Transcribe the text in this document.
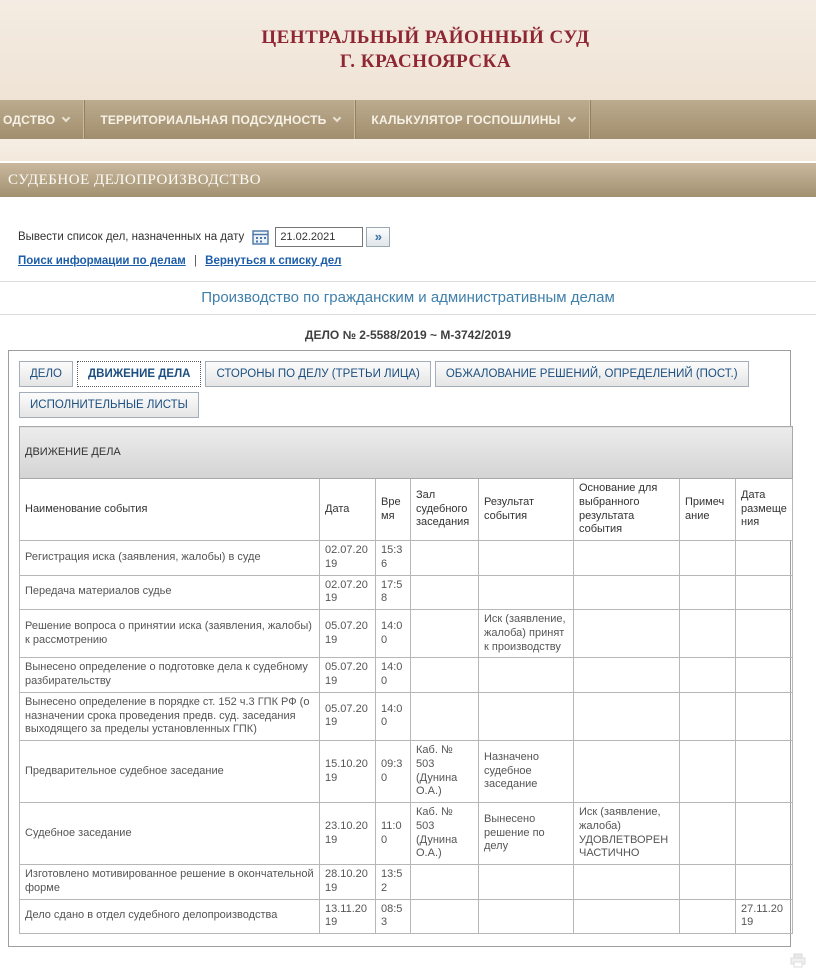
ЦЕНТРАЛЬНЫЙ РАЙОННЫЙ СУД
Г. КРАСНОЯРСКА
ОДСТВО	ТЕРРИТОРИАЛЬНАЯ ПОДСУДНОСТЬ	КАЛЬКУЛЯТОР ГОСПОШЛИНЫ
СУДЕБНОЕ ДЕЛОПРОИЗВОДСТВО
Вывести список дел, назначенных на дату
21.02.2021	»
Поиск информации по делам | Вернуться к списку дел
Производство по гражданским и административным делам
ДЕЛО № 2-5588/2019 ~ М-3742/2019
ДЕЛО	ДВИЖЕНИЕ ДЕЛА	СТОРОНЫ ПО ДЕЛУ (ТРЕТЬИ ЛИЦА)	ОБЖАЛОВАНИЕ РЕШЕНИЙ, ОПРЕДЕЛЕНИЙ (ПОСТ.)
ИСПОЛНИТЕЛЬНЫЕ ЛИСТЫ
ДВИЖЕНИЕ ДЕЛА							
Наименование события	Дата	Время	Зал судебного заседания	Результат события	Основание для выбранного результата события	Примечание	Дата размещения
Регистрация иска (заявления, жалобы) в суде	02.07.2019	15:36					
Передача материалов судье	02.07.2019	17:58					
Решение вопроса о принятии иска (заявления, жалобы) к рассмотрению	05.07.2019	14:00		Иск (заявление, жалоба) принят к производству			
Вынесено определение о подготовке дела к судебному разбирательству	05.07.2019	14:00					
Вынесено определение в порядке ст. 152 ч.3 ГПК РФ (о назначении срока проведения предв. суд. заседания выходящего за пределы установленных ГПК)	05.07.2019	14:00					
Предварительное судебное заседание	15.10.2019	09:30	Каб. № 503 (Дунина О.А.)	Назначено судебное заседание			
Судебное заседание	23.10.2019	11:00	Каб. № 503 (Дунина О.А.)	Вынесено решение по делу	Иск (заявление, жалоба) УДОВЛЕТВОРЕН ЧАСТИЧНО		
Изготовлено мотивированное решение в окончательной форме	28.10.2019	13:52					
Дело сдано в отдел судебного делопроизводства	13.11.2019	08:53					27.11.2019
